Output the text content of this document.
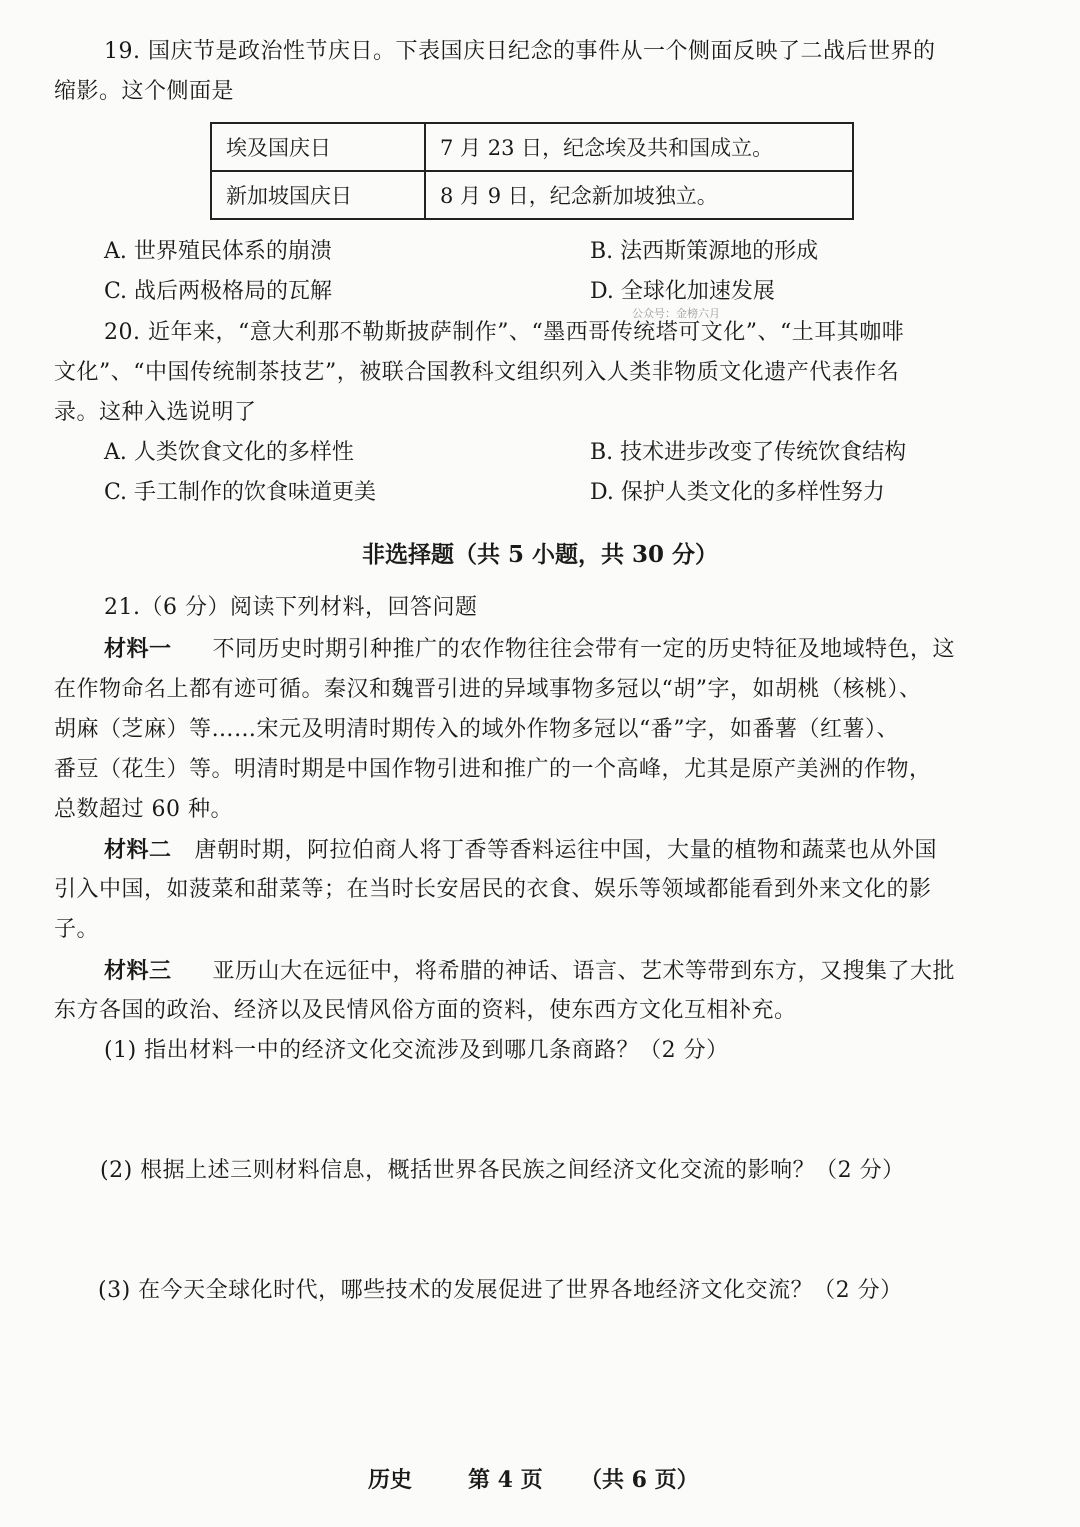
19. 国庆节是政治性节庆日。下表国庆日纪念的事件从一个侧面反映了二战后世界的
缩影。这个侧面是
埃及国庆日	7 月 23 日，纪念埃及共和国成立。
新加坡国庆日	8 月 9 日，纪念新加坡独立。
A. 世界殖民体系的崩溃	B. 法西斯策源地的形成
C. 战后两极格局的瓦解	D. 全球化加速发展
公众号：金榜六月
20. 近年来，“意大利那不勒斯披萨制作”、“墨西哥传统塔可文化”、“土耳其咖啡
文化”、“中国传统制茶技艺”，被联合国教科文组织列入人类非物质文化遗产代表作名
录。这种入选说明了
A. 人类饮食文化的多样性	B. 技术进步改变了传统饮食结构
C. 手工制作的饮食味道更美	D. 保护人类文化的多样性努力
非选择题（共 5 小题，共 30 分）
21.（6 分）阅读下列材料，回答问题
材料一 不同历史时期引种推广的农作物往往会带有一定的历史特征及地域特色，这
在作物命名上都有迹可循。秦汉和魏晋引进的异域事物多冠以“胡”字，如胡桃（核桃）、
胡麻（芝麻）等……宋元及明清时期传入的域外作物多冠以“番”字，如番薯（红薯）、
番豆（花生）等。明清时期是中国作物引进和推广的一个高峰，尤其是原产美洲的作物，
总数超过 60 种。
材料二 唐朝时期，阿拉伯商人将丁香等香料运往中国，大量的植物和蔬菜也从外国
引入中国，如菠菜和甜菜等；在当时长安居民的衣食、娱乐等领域都能看到外来文化的影
子。
材料三 亚历山大在远征中，将希腊的神话、语言、艺术等带到东方，又搜集了大批
东方各国的政治、经济以及民情风俗方面的资料，使东西方文化互相补充。
(1) 指出材料一中的经济文化交流涉及到哪几条商路？（2 分）
(2) 根据上述三则材料信息，概括世界各民族之间经济文化交流的影响？（2 分）
(3) 在今天全球化时代，哪些技术的发展促进了世界各地经济文化交流？（2 分）
历史	第 4 页 （共 6 页）
